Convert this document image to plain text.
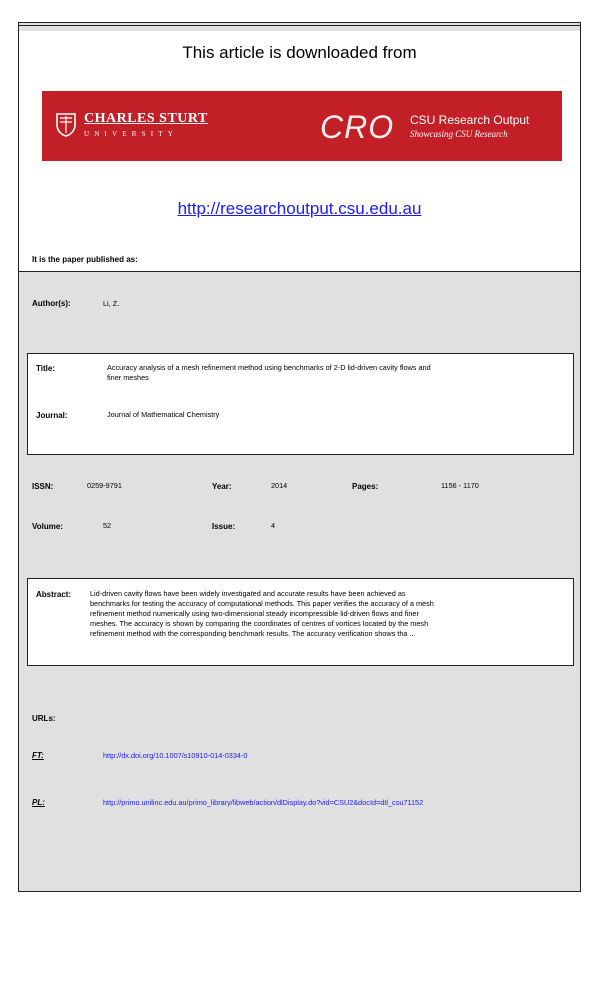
This article is downloaded from
CHARLES STURT
UNIVERSITY	CRO CSU Research Output
Showcasing CSU Research
http://researchoutput.csu.edu.au
It is the paper published as:
Author(s):	Li, Z.
Title:	Accuracy analysis of a mesh refinement method using benchmarks of 2-D lid-driven cavity flows and
finer meshes
Journal:	Journal of Mathematical Chemistry
ISSN:	0259-9791	Year:	2014	Pages:	1156 - 1170
Volume:	52	Issue:	4
Abstract:	Lid-driven cavity flows have been widely investigated and accurate results have been achieved as
benchmarks for testing the accuracy of computational methods. This paper verifies the accuracy of a mesh
refinement method numerically using two-dimensional steady incompressible lid-driven flows and finer
meshes. The accuracy is shown by comparing the coordinates of centres of vortices located by the mesh
refinement method with the corresponding benchmark results. The accuracy verification shows tha ...
URLs:
FT:	http://dx.doi.org/10.1007/s10910-014-0334-0
PL:	http://primo.unilinc.edu.au/primo_library/libweb/action/dlDisplay.do?vid=CSU2&docId=dtl_csu71152
